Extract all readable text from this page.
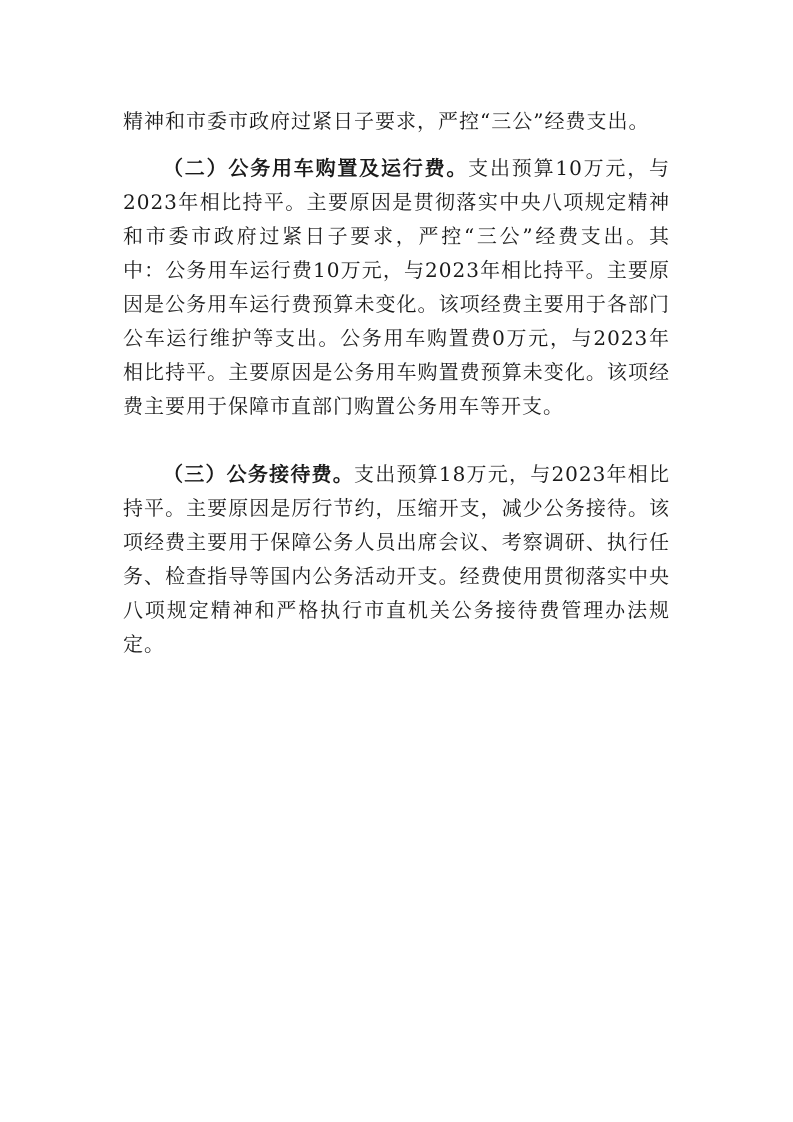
精神和市委市政府过紧日子要求，严控“三公”经费支出。

（二）公务用车购置及运行费。支出预算10万元，与2023年相比持平。主要原因是贯彻落实中央八项规定精神和市委市政府过紧日子要求，严控“三公”经费支出。其中：公务用车运行费10万元，与2023年相比持平。主要原因是公务用车运行费预算未变化。该项经费主要用于各部门公车运行维护等支出。公务用车购置费0万元，与2023年相比持平。主要原因是公务用车购置费预算未变化。该项经费主要用于保障市直部门购置公务用车等开支。

（三）公务接待费。支出预算18万元，与2023年相比持平。主要原因是厉行节约，压缩开支，减少公务接待。该项经费主要用于保障公务人员出席会议、考察调研、执行任务、检查指导等国内公务活动开支。经费使用贯彻落实中央八项规定精神和严格执行市直机关公务接待费管理办法规定。
